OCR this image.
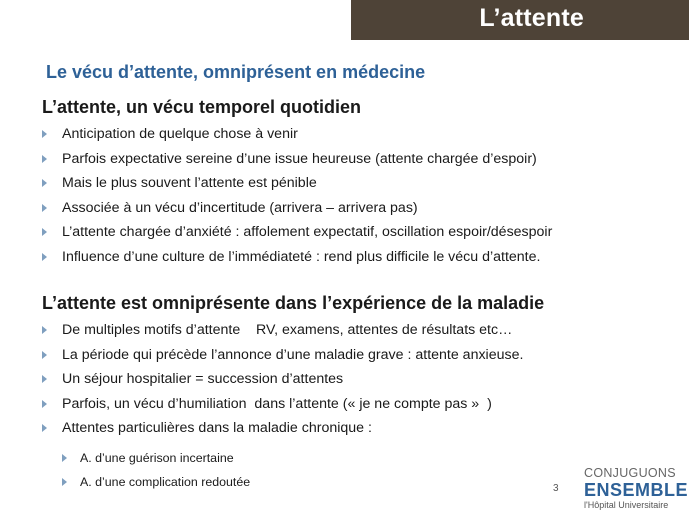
L’attente
Le vécu d’attente, omniprésent en médecine
L’attente, un vécu temporel quotidien
Anticipation de quelque chose à venir
Parfois expectative sereine d’une issue heureuse (attente chargée d’espoir)
Mais le plus souvent l’attente est pénible
Associée à un vécu d’incertitude (arrivera – arrivera pas)
L’attente chargée d’anxiété : affolement expectatif, oscillation espoir/désespoir
Influence d’une culture de l’immédiateté : rend plus difficile le vécu d’attente.
L’attente est omniprésente dans l’expérience de la maladie
De multiples motifs d’attente    RV, examens, attentes de résultats etc…
La période qui précède l’annonce d’une maladie grave : attente anxieuse.
Un séjour hospitalier = succession d’attentes
Parfois, un vécu d’humiliation  dans l’attente (« je ne compte pas »  )
Attentes particulières dans la maladie chronique :
A. d’une guérison incertaine
A. d’une complication redoutée	3
CONJUGUONS
ENSEMBLE
l'Hôpital Universitaire
